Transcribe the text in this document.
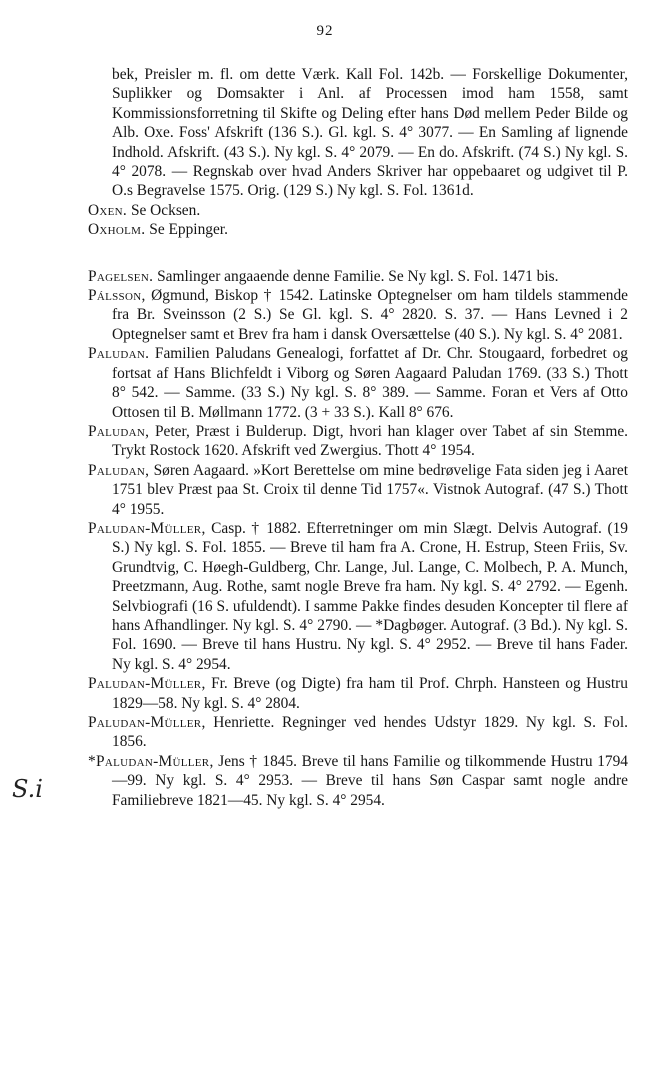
92
S.i

bek, Preisler m. fl. om dette Værk. Kall Fol. 142b. — Forskellige Dokumenter, Suplikker og Domsakter i Anl. af Processen imod ham 1558, samt Kommissionsforretning til Skifte og Deling efter hans Død mellem Peder Bilde og Alb. Oxe. Foss' Afskrift (136 S.). Gl. kgl. S. 4° 3077. — En Samling af lignende Indhold. Afskrift. (43 S.). Ny kgl. S. 4° 2079. — En do. Afskrift. (74 S.) Ny kgl. S. 4° 2078. — Regnskab over hvad Anders Skriver har oppebaaret og udgivet til P. O.s Begravelse 1575. Orig. (129 S.) Ny kgl. S. Fol. 1361d.

Oxen. Se Ocksen.

Oxholm. Se Eppinger.

Pagelsen. Samlinger angaaende denne Familie. Se Ny kgl. S. Fol. 1471 bis.

Pálsson, Øgmund, Biskop † 1542. Latinske Optegnelser om ham tildels stammende fra Br. Sveinsson (2 S.) Se Gl. kgl. S. 4° 2820. S. 37. — Hans Levned i 2 Optegnelser samt et Brev fra ham i dansk Oversættelse (40 S.). Ny kgl. S. 4° 2081.

Paludan. Familien Paludans Genealogi, forfattet af Dr. Chr. Stougaard, forbedret og fortsat af Hans Blichfeldt i Viborg og Søren Aagaard Paludan 1769. (33 S.) Thott 8° 542. — Samme. (33 S.) Ny kgl. S. 8° 389. — Samme. Foran et Vers af Otto Ottosen til B. Møllmann 1772. (3 + 33 S.). Kall 8° 676.

Paludan, Peter, Præst i Bulderup. Digt, hvori han klager over Tabet af sin Stemme. Trykt Rostock 1620. Afskrift ved Zwergius. Thott 4° 1954.

Paludan, Søren Aagaard. »Kort Berettelse om mine bedrøvelige Fata siden jeg i Aaret 1751 blev Præst paa St. Croix til denne Tid 1757«. Vistnok Autograf. (47 S.) Thott 4° 1955.

Paludan-Müller, Casp. † 1882. Efterretninger om min Slægt. Delvis Autograf. (19 S.) Ny kgl. S. Fol. 1855. — Breve til ham fra A. Crone, H. Estrup, Steen Friis, Sv. Grundtvig, C. Høegh-Guldberg, Chr. Lange, Jul. Lange, C. Molbech, P. A. Munch, Preetzmann, Aug. Rothe, samt nogle Breve fra ham. Ny kgl. S. 4° 2792. — Egenh. Selvbiografi (16 S. ufuldendt). I samme Pakke findes desuden Koncepter til flere af hans Afhandlinger. Ny kgl. S. 4° 2790. — *Dagbøger. Autograf. (3 Bd.). Ny kgl. S. Fol. 1690. — Breve til hans Hustru. Ny kgl. S. 4° 2952. — Breve til hans Fader. Ny kgl. S. 4° 2954.

Paludan-Müller, Fr. Breve (og Digte) fra ham til Prof. Chrph. Hansteen og Hustru 1829—58. Ny kgl. S. 4° 2804.

Paludan-Müller, Henriette. Regninger ved hendes Udstyr 1829. Ny kgl. S. Fol. 1856.

*Paludan-Müller, Jens † 1845. Breve til hans Familie og tilkommende Hustru 1794—99. Ny kgl. S. 4° 2953. — Breve til hans Søn Caspar samt nogle andre Familiebreve 1821—45. Ny kgl. S. 4° 2954.
